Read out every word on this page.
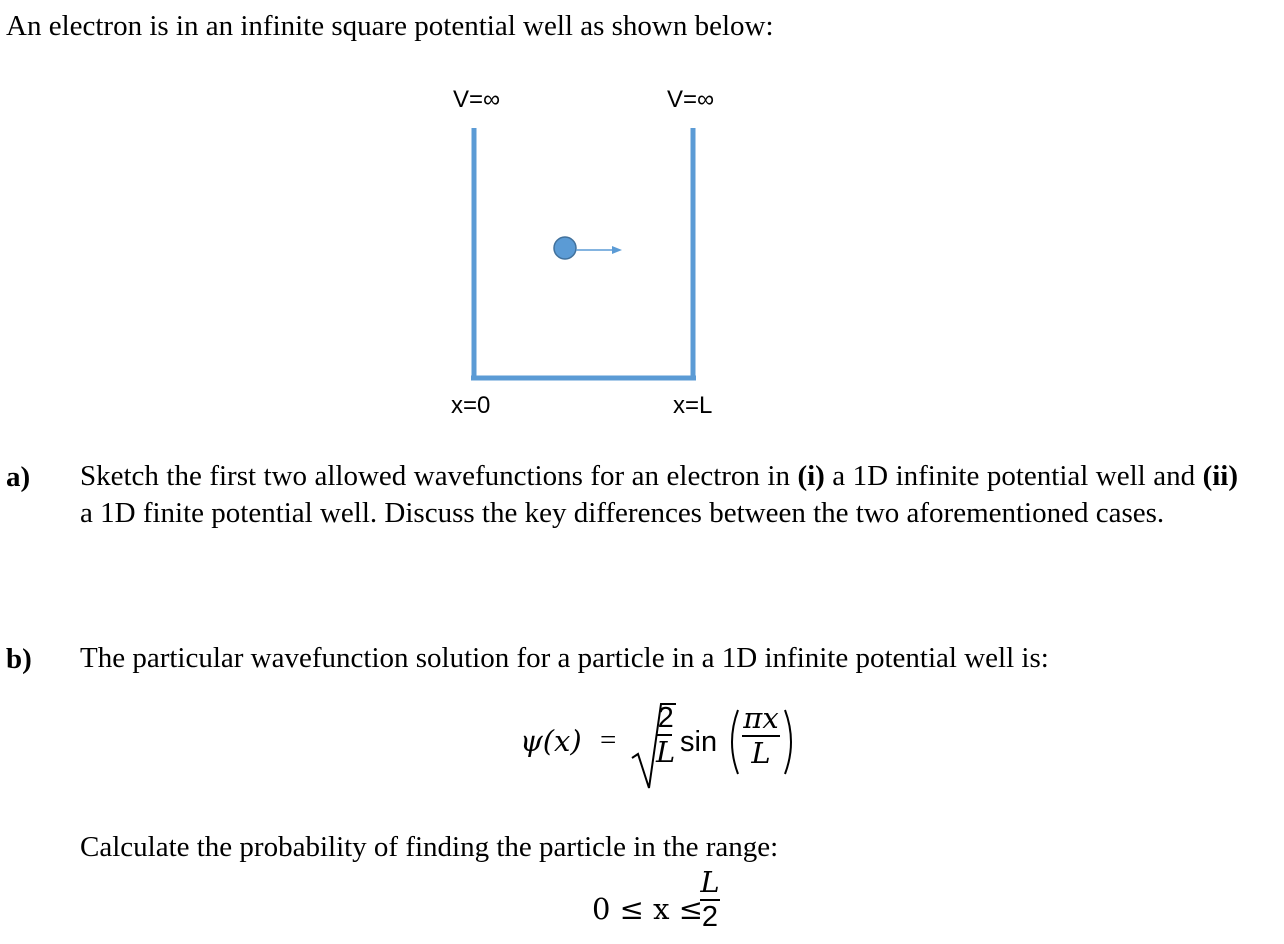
An electron is in an infinite square potential well as shown below:
V=∞	V=∞
x=0	x=L
a) Sketch the first two allowed wavefunctions for an electron in (i) a 1D infinite potential well and (ii) a 1D finite potential well. Discuss the key differences between the two aforementioned cases.
b) The particular wavefunction solution for a particle in a 1D infinite potential well is:
ψ(x) =
2
L sin
πx
L
Calculate the probability of finding the particle in the range:
0 ≤ x ≤
L
2
